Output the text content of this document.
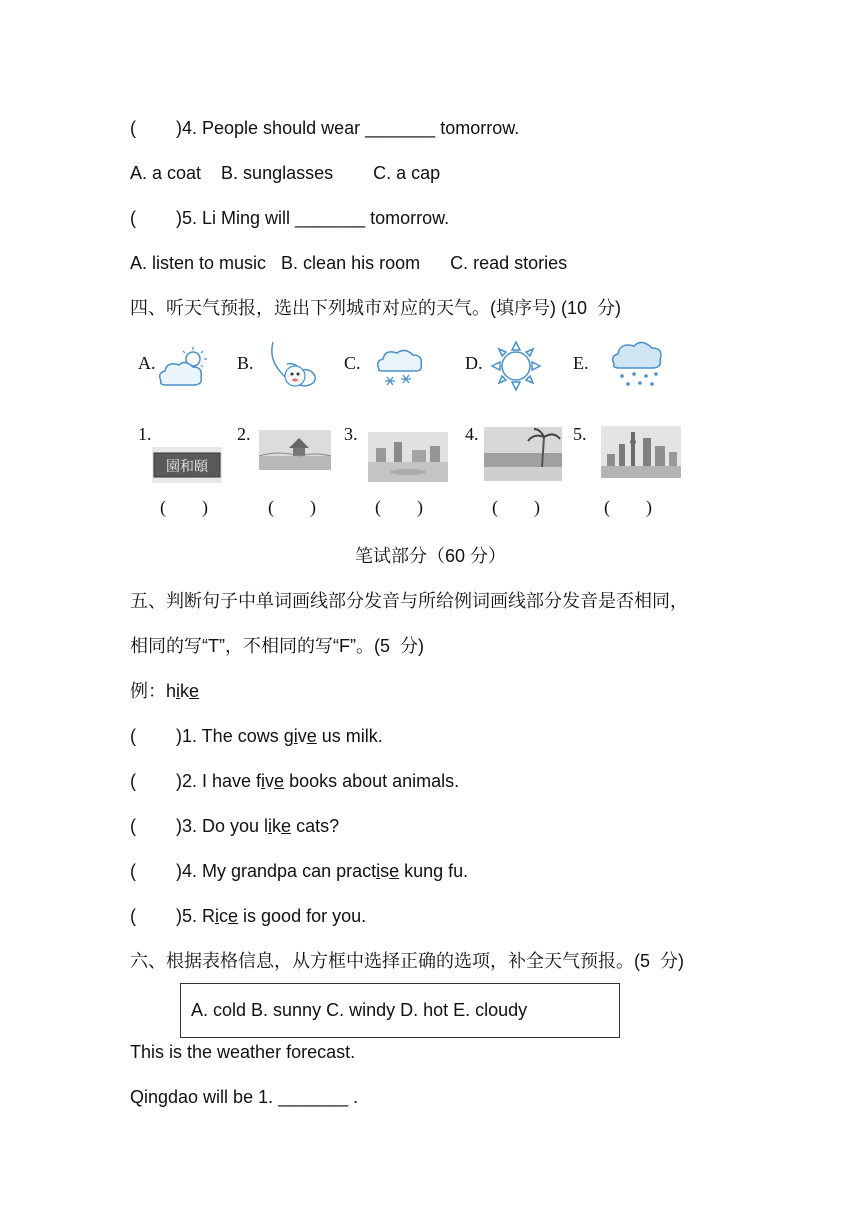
(        )4. People should wear _______ tomorrow.
A. a coat    B. sunglasses        C. a cap
(        )5. Li Ming will _______ tomorrow.
A. listen to music   B. clean his room      C. read stories
四、听天气预报，选出下列城市对应的天气。(填序号) (10  分)
A.	B.	C.	D.	E.
1.	2.	3.	4.	5.
園和頤
(        )	(        )	(        )	(        )	(        )
笔试部分（60 分）
五、判断句子中单词画线部分发音与所给例词画线部分发音是否相同，
相同的写“T”，不相同的写“F”。(5  分)
例：hike
(        )1. The cows give us milk.
(        )2. I have five books about animals.
(        )3. Do you like cats?
(        )4. My grandpa can practise kung fu.
(        )5. Rice is good for you.
六、根据表格信息，从方框中选择正确的选项，补全天气预报。(5  分)
A. cold B. sunny C. windy D. hot E. cloudy
This is the weather forecast.
Qingdao will be 1. _______ .
